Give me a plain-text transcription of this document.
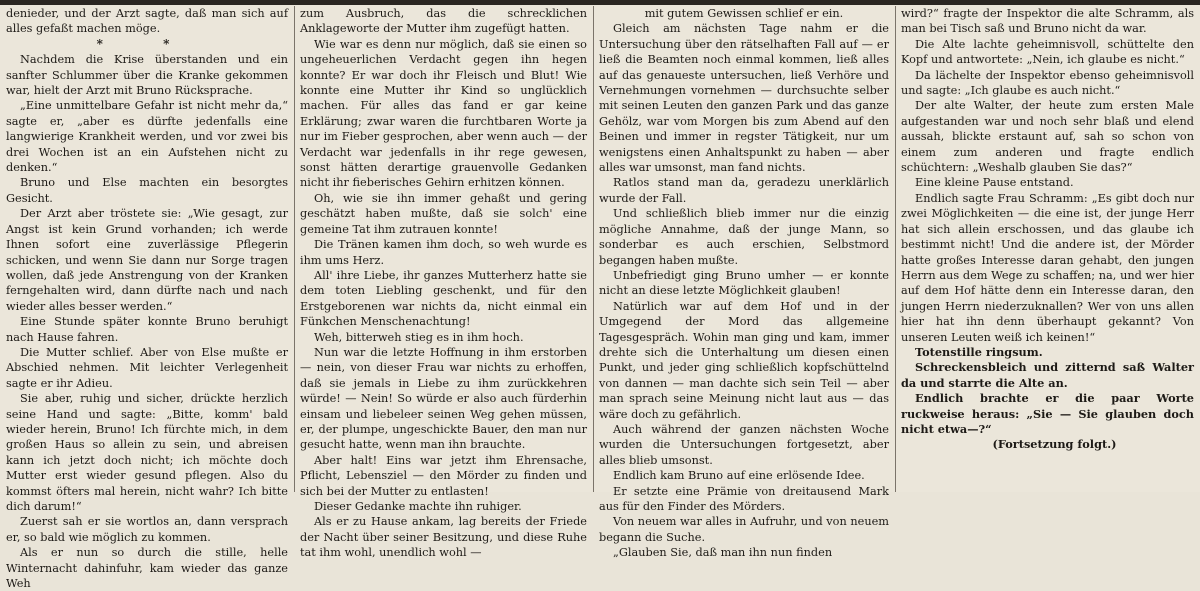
denieder, und der Arzt sagte, daß man sich auf alles gefaßt machen möge.

* *

Nachdem die Krise überstanden und ein sanfter Schlummer über die Kranke gekommen war, hielt der Arzt mit Bruno Rücksprache.

„Eine unmittelbare Gefahr ist nicht mehr da,“ sagte er, „aber es dürfte jedenfalls eine langwierige Krankheit werden, und vor zwei bis drei Wochen ist an ein Aufstehen nicht zu denken.“

Bruno und Else machten ein besorgtes Gesicht.

Der Arzt aber tröstete sie: „Wie gesagt, zur Angst ist kein Grund vorhanden; ich werde Ihnen sofort eine zuverlässige Pflegerin schicken, und wenn Sie dann nur Sorge tragen wollen, daß jede Anstrengung von der Kranken ferngehalten wird, dann dürfte nach und nach wieder alles besser werden.“

Eine Stunde später konnte Bruno beruhigt nach Hause fahren.

Die Mutter schlief. Aber von Else mußte er Abschied nehmen. Mit leichter Verlegenheit sagte er ihr Adieu.

Sie aber, ruhig und sicher, drückte herzlich seine Hand und sagte: „Bitte, komm' bald wieder herein, Bruno! Ich fürchte mich, in dem großen Haus so allein zu sein, und abreisen kann ich jetzt doch nicht; ich möchte doch Mutter erst wieder gesund pflegen. Also du kommst öfters mal herein, nicht wahr? Ich bitte dich darum!“

Zuerst sah er sie wortlos an, dann versprach er, so bald wie möglich zu kommen.

Als er nun so durch die stille, helle Winternacht dahinfuhr, kam wieder das ganze Weh

zum Ausbruch, das die schrecklichen Anklageworte der Mutter ihm zugefügt hatten.

Wie war es denn nur möglich, daß sie einen so ungeheuerlichen Verdacht gegen ihn hegen konnte? Er war doch ihr Fleisch und Blut! Wie konnte eine Mutter ihr Kind so unglücklich machen. Für alles das fand er gar keine Erklärung; zwar waren die furchtbaren Worte ja nur im Fieber gesprochen, aber wenn auch — der Verdacht war jedenfalls in ihr rege gewesen, sonst hätten derartige grauenvolle Gedanken nicht ihr fieberisches Gehirn erhitzen können.

Oh, wie sie ihn immer gehaßt und gering geschätzt haben mußte, daß sie solch' eine gemeine Tat ihm zutrauen konnte!

Die Tränen kamen ihm doch, so weh wurde es ihm ums Herz.

All' ihre Liebe, ihr ganzes Mutterherz hatte sie dem toten Liebling geschenkt, und für den Erstgeborenen war nichts da, nicht einmal ein Fünkchen Menschenachtung!

Weh, bitterweh stieg es in ihm hoch.

Nun war die letzte Hoffnung in ihm erstorben — nein, von dieser Frau war nichts zu erhoffen, daß sie jemals in Liebe zu ihm zurückkehren würde! — Nein! So würde er also auch fürderhin einsam und liebeleer seinen Weg gehen müssen, er, der plumpe, ungeschickte Bauer, den man nur gesucht hatte, wenn man ihn brauchte.

Aber halt! Eins war jetzt ihm Ehrensache, Pflicht, Lebensziel — den Mörder zu finden und sich bei der Mutter zu entlasten!

Dieser Gedanke machte ihn ruhiger.

Als er zu Hause ankam, lag bereits der Friede der Nacht über seiner Besitzung, und diese Ruhe tat ihm wohl, unendlich wohl —

mit gutem Gewissen schlief er ein.

Gleich am nächsten Tage nahm er die Untersuchung über den rätselhaften Fall auf — er ließ die Beamten noch einmal kommen, ließ alles auf das genaueste untersuchen, ließ Verhöre und Vernehmungen vornehmen — durchsuchte selber mit seinen Leuten den ganzen Park und das ganze Gehölz, war vom Morgen bis zum Abend auf den Beinen und immer in regster Tätigkeit, nur um wenigstens einen Anhaltspunkt zu haben — aber alles war umsonst, man fand nichts.

Ratlos stand man da, geradezu unerklärlich wurde der Fall.

Und schließlich blieb immer nur die einzig mögliche Annahme, daß der junge Mann, so sonderbar es auch erschien, Selbstmord begangen haben mußte.

Unbefriedigt ging Bruno umher — er konnte nicht an diese letzte Möglichkeit glauben!

Natürlich war auf dem Hof und in der Umgegend der Mord das allgemeine Tagesgespräch. Wohin man ging und kam, immer drehte sich die Unterhaltung um diesen einen Punkt, und jeder ging schließlich kopfschüttelnd von dannen — man dachte sich sein Teil — aber man sprach seine Meinung nicht laut aus — das wäre doch zu gefährlich.

Auch während der ganzen nächsten Woche wurden die Untersuchungen fortgesetzt, aber alles blieb umsonst.

Endlich kam Bruno auf eine erlösende Idee.

Er setzte eine Prämie von dreitausend Mark aus für den Finder des Mörders.

Von neuem war alles in Aufruhr, und von neuem begann die Suche.

„Glauben Sie, daß man ihn nun finden

wird?“ fragte der Inspektor die alte Schramm, als man bei Tisch saß und Bruno nicht da war.

Die Alte lachte geheimnisvoll, schüttelte den Kopf und antwortete: „Nein, ich glaube es nicht.“

Da lächelte der Inspektor ebenso geheimnisvoll und sagte: „Ich glaube es auch nicht.“

Der alte Walter, der heute zum ersten Male aufgestanden war und noch sehr blaß und elend aussah, blickte erstaunt auf, sah so schon von einem zum anderen und fragte endlich schüchtern: „Weshalb glauben Sie das?“

Eine kleine Pause entstand.

Endlich sagte Frau Schramm: „Es gibt doch nur zwei Möglichkeiten — die eine ist, der junge Herr hat sich allein erschossen, und das glaube ich bestimmt nicht! Und die andere ist, der Mörder hatte großes Interesse daran gehabt, den jungen Herrn aus dem Wege zu schaffen; na, und wer hier auf dem Hof hätte denn ein Interesse daran, den jungen Herrn niederzuknallen? Wer von uns allen hier hat ihn denn überhaupt gekannt? Von unseren Leuten weiß ich keinen!“

Totenstille ringsum.

Schreckensbleich und zitternd saß Walter da und starrte die Alte an.

Endlich brachte er die paar Worte ruckweise heraus: „Sie — Sie glauben doch nicht etwa—?“

(Fortsetzung folgt.)
